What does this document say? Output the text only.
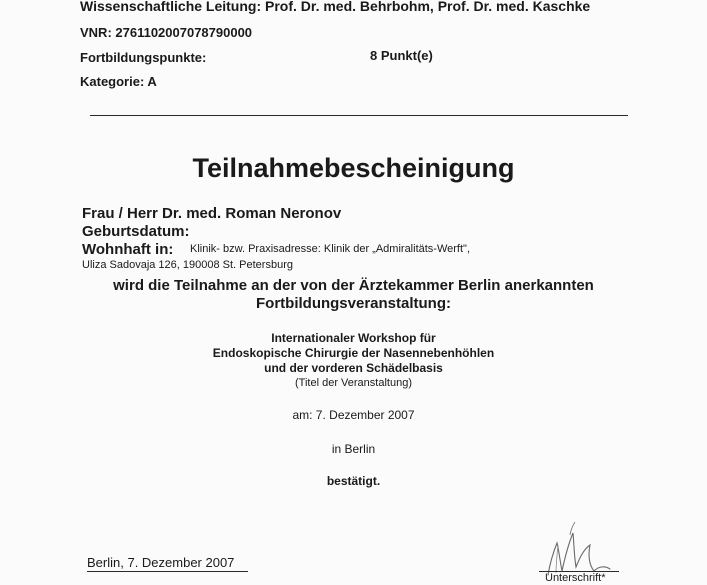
Wissenschaftliche Leitung: Prof. Dr. med. Behrbohm, Prof. Dr. med. Kaschke
VNR: 2761102007078790000
Fortbildungspunkte:	8 Punkt(e)
Kategorie: A
Teilnahmebescheinigung
Frau / Herr Dr. med. Roman Neronov
Geburtsdatum:
Wohnhaft in: Klinik- bzw. Praxisadresse: Klinik der „Admiralitäts-Werft",
Uliza Sadovaja 126, 190008 St. Petersburg
wird die Teilnahme an der von der Ärztekammer Berlin anerkannten
Fortbildungsveranstaltung:
Internationaler Workshop für
Endoskopische Chirurgie der Nasennebenhöhlen
und der vorderen Schädelbasis
(Titel der Veranstaltung)
am: 7. Dezember 2007
in Berlin
bestätigt.
Berlin, 7. Dezember 2007
Unterschrift*
